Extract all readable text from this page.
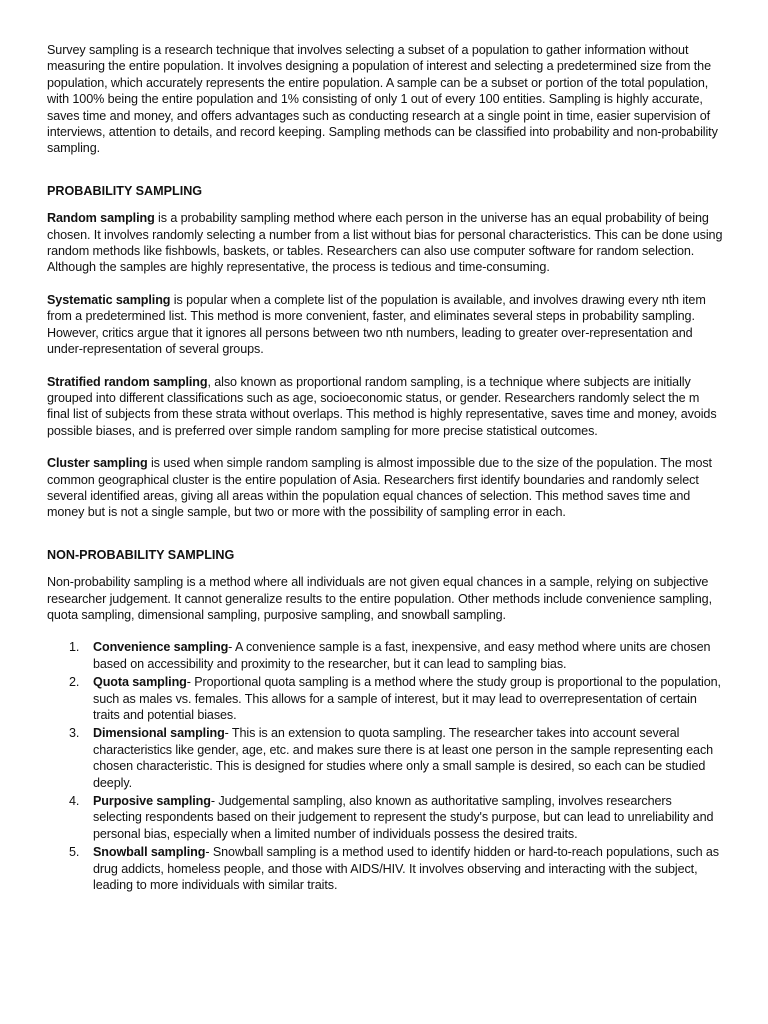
Survey sampling is a research technique that involves selecting a subset of a population to gather information without measuring the entire population. It involves designing a population of interest and selecting a predetermined size from the population, which accurately represents the entire population. A sample can be a subset or portion of the total population, with 100% being the entire population and 1% consisting of only 1 out of every 100 entities. Sampling is highly accurate, saves time and money, and offers advantages such as conducting research at a single point in time, easier supervision of interviews, attention to details, and record keeping. Sampling methods can be classified into probability and non-probability sampling.

PROBABILITY SAMPLING

Random sampling is a probability sampling method where each person in the universe has an equal probability of being chosen. It involves randomly selecting a number from a list without bias for personal characteristics. This can be done using random methods like fishbowls, baskets, or tables. Researchers can also use computer software for random selection. Although the samples are highly representative, the process is tedious and time-consuming.

Systematic sampling is popular when a complete list of the population is available, and involves drawing every nth item from a predetermined list. This method is more convenient, faster, and eliminates several steps in probability sampling. However, critics argue that it ignores all persons between two nth numbers, leading to greater over-representation and under-representation of several groups.

Stratified random sampling, also known as proportional random sampling, is a technique where subjects are initially grouped into different classifications such as age, socioeconomic status, or gender. Researchers randomly select the m final list of subjects from these strata without overlaps. This method is highly representative, saves time and money, avoids possible biases, and is preferred over simple random sampling for more precise statistical outcomes.

Cluster sampling is used when simple random sampling is almost impossible due to the size of the population. The most common geographical cluster is the entire population of Asia. Researchers first identify boundaries and randomly select several identified areas, giving all areas within the population equal chances of selection. This method saves time and money but is not a single sample, but two or more with the possibility of sampling error in each.

NON-PROBABILITY SAMPLING

Non-probability sampling is a method where all individuals are not given equal chances in a sample, relying on subjective researcher judgement. It cannot generalize results to the entire population. Other methods include convenience sampling, quota sampling, dimensional sampling, purposive sampling, and snowball sampling.

1. Convenience sampling- A convenience sample is a fast, inexpensive, and easy method where units are chosen based on accessibility and proximity to the researcher, but it can lead to sampling bias.
2. Quota sampling- Proportional quota sampling is a method where the study group is proportional to the population, such as males vs. females. This allows for a sample of interest, but it may lead to overrepresentation of certain traits and potential biases.
3. Dimensional sampling- This is an extension to quota sampling. The researcher takes into account several characteristics like gender, age, etc. and makes sure there is at least one person in the sample representing each chosen characteristic. This is designed for studies where only a small sample is desired, so each can be studied deeply.
4. Purposive sampling- Judgemental sampling, also known as authoritative sampling, involves researchers selecting respondents based on their judgement to represent the study's purpose, but can lead to unreliability and personal bias, especially when a limited number of individuals possess the desired traits.
5. Snowball sampling- Snowball sampling is a method used to identify hidden or hard-to-reach populations, such as drug addicts, homeless people, and those with AIDS/HIV. It involves observing and interacting with the subject, leading to more individuals with similar traits.
